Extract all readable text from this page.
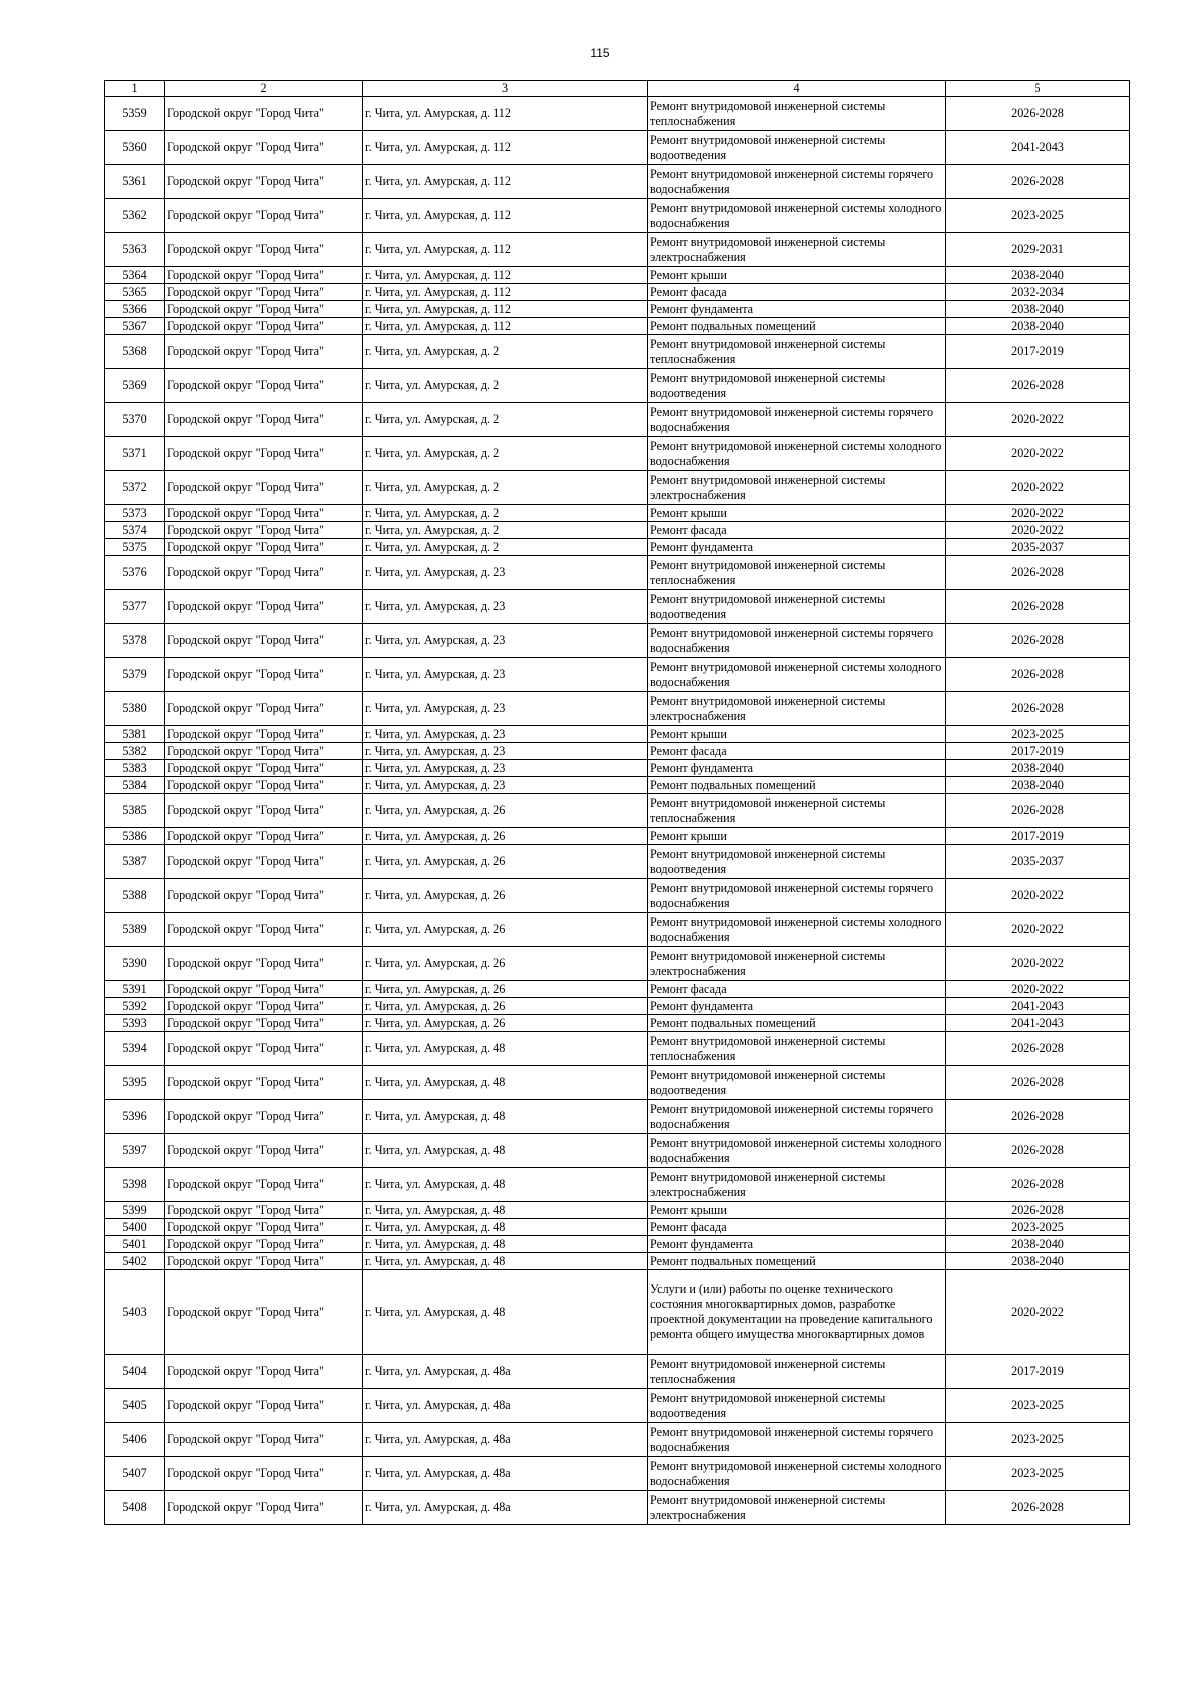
115
1	2	3	4	5
5359	Городской округ "Город Чита"	г. Чита, ул. Амурская, д. 112	Ремонт внутридомовой инженерной системы теплоснабжения	2026-2028
5360	Городской округ "Город Чита"	г. Чита, ул. Амурская, д. 112	Ремонт внутридомовой инженерной системы водоотведения	2041-2043
5361	Городской округ "Город Чита"	г. Чита, ул. Амурская, д. 112	Ремонт внутридомовой инженерной системы горячего водоснабжения	2026-2028
5362	Городской округ "Город Чита"	г. Чита, ул. Амурская, д. 112	Ремонт внутридомовой инженерной системы холодного водоснабжения	2023-2025
5363	Городской округ "Город Чита"	г. Чита, ул. Амурская, д. 112	Ремонт внутридомовой инженерной системы электроснабжения	2029-2031
5364	Городской округ "Город Чита"	г. Чита, ул. Амурская, д. 112	Ремонт крыши	2038-2040
5365	Городской округ "Город Чита"	г. Чита, ул. Амурская, д. 112	Ремонт фасада	2032-2034
5366	Городской округ "Город Чита"	г. Чита, ул. Амурская, д. 112	Ремонт фундамента	2038-2040
5367	Городской округ "Город Чита"	г. Чита, ул. Амурская, д. 112	Ремонт подвальных помещений	2038-2040
5368	Городской округ "Город Чита"	г. Чита, ул. Амурская, д. 2	Ремонт внутридомовой инженерной системы теплоснабжения	2017-2019
5369	Городской округ "Город Чита"	г. Чита, ул. Амурская, д. 2	Ремонт внутридомовой инженерной системы водоотведения	2026-2028
5370	Городской округ "Город Чита"	г. Чита, ул. Амурская, д. 2	Ремонт внутридомовой инженерной системы горячего водоснабжения	2020-2022
5371	Городской округ "Город Чита"	г. Чита, ул. Амурская, д. 2	Ремонт внутридомовой инженерной системы холодного водоснабжения	2020-2022
5372	Городской округ "Город Чита"	г. Чита, ул. Амурская, д. 2	Ремонт внутридомовой инженерной системы электроснабжения	2020-2022
5373	Городской округ "Город Чита"	г. Чита, ул. Амурская, д. 2	Ремонт крыши	2020-2022
5374	Городской округ "Город Чита"	г. Чита, ул. Амурская, д. 2	Ремонт фасада	2020-2022
5375	Городской округ "Город Чита"	г. Чита, ул. Амурская, д. 2	Ремонт фундамента	2035-2037
5376	Городской округ "Город Чита"	г. Чита, ул. Амурская, д. 23	Ремонт внутридомовой инженерной системы теплоснабжения	2026-2028
5377	Городской округ "Город Чита"	г. Чита, ул. Амурская, д. 23	Ремонт внутридомовой инженерной системы водоотведения	2026-2028
5378	Городской округ "Город Чита"	г. Чита, ул. Амурская, д. 23	Ремонт внутридомовой инженерной системы горячего водоснабжения	2026-2028
5379	Городской округ "Город Чита"	г. Чита, ул. Амурская, д. 23	Ремонт внутридомовой инженерной системы холодного водоснабжения	2026-2028
5380	Городской округ "Город Чита"	г. Чита, ул. Амурская, д. 23	Ремонт внутридомовой инженерной системы электроснабжения	2026-2028
5381	Городской округ "Город Чита"	г. Чита, ул. Амурская, д. 23	Ремонт крыши	2023-2025
5382	Городской округ "Город Чита"	г. Чита, ул. Амурская, д. 23	Ремонт фасада	2017-2019
5383	Городской округ "Город Чита"	г. Чита, ул. Амурская, д. 23	Ремонт фундамента	2038-2040
5384	Городской округ "Город Чита"	г. Чита, ул. Амурская, д. 23	Ремонт подвальных помещений	2038-2040
5385	Городской округ "Город Чита"	г. Чита, ул. Амурская, д. 26	Ремонт внутридомовой инженерной системы теплоснабжения	2026-2028
5386	Городской округ "Город Чита"	г. Чита, ул. Амурская, д. 26	Ремонт крыши	2017-2019
5387	Городской округ "Город Чита"	г. Чита, ул. Амурская, д. 26	Ремонт внутридомовой инженерной системы водоотведения	2035-2037
5388	Городской округ "Город Чита"	г. Чита, ул. Амурская, д. 26	Ремонт внутридомовой инженерной системы горячего водоснабжения	2020-2022
5389	Городской округ "Город Чита"	г. Чита, ул. Амурская, д. 26	Ремонт внутридомовой инженерной системы холодного водоснабжения	2020-2022
5390	Городской округ "Город Чита"	г. Чита, ул. Амурская, д. 26	Ремонт внутридомовой инженерной системы электроснабжения	2020-2022
5391	Городской округ "Город Чита"	г. Чита, ул. Амурская, д. 26	Ремонт фасада	2020-2022
5392	Городской округ "Город Чита"	г. Чита, ул. Амурская, д. 26	Ремонт фундамента	2041-2043
5393	Городской округ "Город Чита"	г. Чита, ул. Амурская, д. 26	Ремонт подвальных помещений	2041-2043
5394	Городской округ "Город Чита"	г. Чита, ул. Амурская, д. 48	Ремонт внутридомовой инженерной системы теплоснабжения	2026-2028
5395	Городской округ "Город Чита"	г. Чита, ул. Амурская, д. 48	Ремонт внутридомовой инженерной системы водоотведения	2026-2028
5396	Городской округ "Город Чита"	г. Чита, ул. Амурская, д. 48	Ремонт внутридомовой инженерной системы горячего водоснабжения	2026-2028
5397	Городской округ "Город Чита"	г. Чита, ул. Амурская, д. 48	Ремонт внутридомовой инженерной системы холодного водоснабжения	2026-2028
5398	Городской округ "Город Чита"	г. Чита, ул. Амурская, д. 48	Ремонт внутридомовой инженерной системы электроснабжения	2026-2028
5399	Городской округ "Город Чита"	г. Чита, ул. Амурская, д. 48	Ремонт крыши	2026-2028
5400	Городской округ "Город Чита"	г. Чита, ул. Амурская, д. 48	Ремонт фасада	2023-2025
5401	Городской округ "Город Чита"	г. Чита, ул. Амурская, д. 48	Ремонт фундамента	2038-2040
5402	Городской округ "Город Чита"	г. Чита, ул. Амурская, д. 48	Ремонт подвальных помещений	2038-2040
5403	Городской округ "Город Чита"	г. Чита, ул. Амурская, д. 48	Услуги и (или) работы по оценке технического состояния многоквартирных домов, разработке проектной документации на проведение капитального ремонта общего имущества многоквартирных домов	2020-2022
5404	Городской округ "Город Чита"	г. Чита, ул. Амурская, д. 48а	Ремонт внутридомовой инженерной системы теплоснабжения	2017-2019
5405	Городской округ "Город Чита"	г. Чита, ул. Амурская, д. 48а	Ремонт внутридомовой инженерной системы водоотведения	2023-2025
5406	Городской округ "Город Чита"	г. Чита, ул. Амурская, д. 48а	Ремонт внутридомовой инженерной системы горячего водоснабжения	2023-2025
5407	Городской округ "Город Чита"	г. Чита, ул. Амурская, д. 48а	Ремонт внутридомовой инженерной системы холодного водоснабжения	2023-2025
5408	Городской округ "Город Чита"	г. Чита, ул. Амурская, д. 48а	Ремонт внутридомовой инженерной системы электроснабжения	2026-2028
